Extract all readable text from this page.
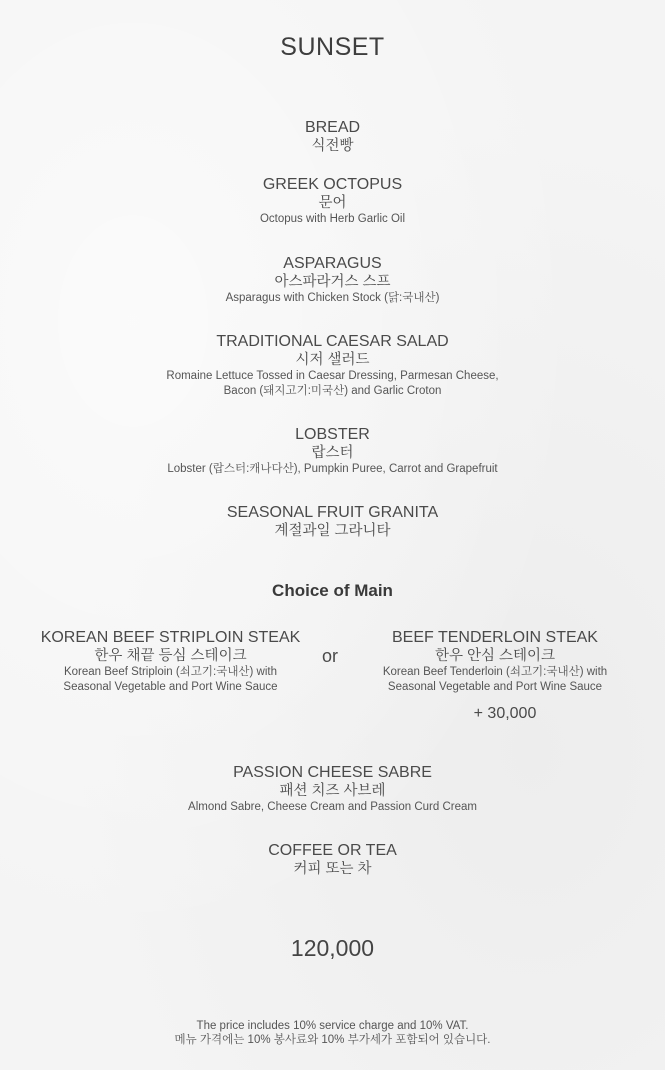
SUNSET
BREAD
식전빵
GREEK OCTOPUS
문어
Octopus with Herb Garlic Oil
ASPARAGUS
아스파라거스 스프
Asparagus with Chicken Stock (닭:국내산)
TRADITIONAL CAESAR SALAD
시저 샐러드
Romaine Lettuce Tossed in Caesar Dressing, Parmesan Cheese,
Bacon (돼지고기:미국산) and Garlic Croton
LOBSTER
랍스터
Lobster (랍스터:캐나다산), Pumpkin Puree, Carrot and Grapefruit
SEASONAL FRUIT GRANITA
계절과일 그라니타
Choice of Main
KOREAN BEEF STRIPLOIN STEAK
한우 채끝 등심 스테이크
Korean Beef Striploin (쇠고기:국내산) with
Seasonal Vegetable and Port Wine Sauce
or
BEEF TENDERLOIN STEAK
한우 안심 스테이크
Korean Beef Tenderloin (쇠고기:국내산) with
Seasonal Vegetable and Port Wine Sauce
+ 30,000
PASSION CHEESE SABRE
패션 치즈 사브레
Almond Sabre, Cheese Cream and Passion Curd Cream
COFFEE OR TEA
커피 또는 차
120,000
The price includes 10% service charge and 10% VAT.
메뉴 가격에는 10% 봉사료와 10% 부가세가 포함되어 있습니다.
